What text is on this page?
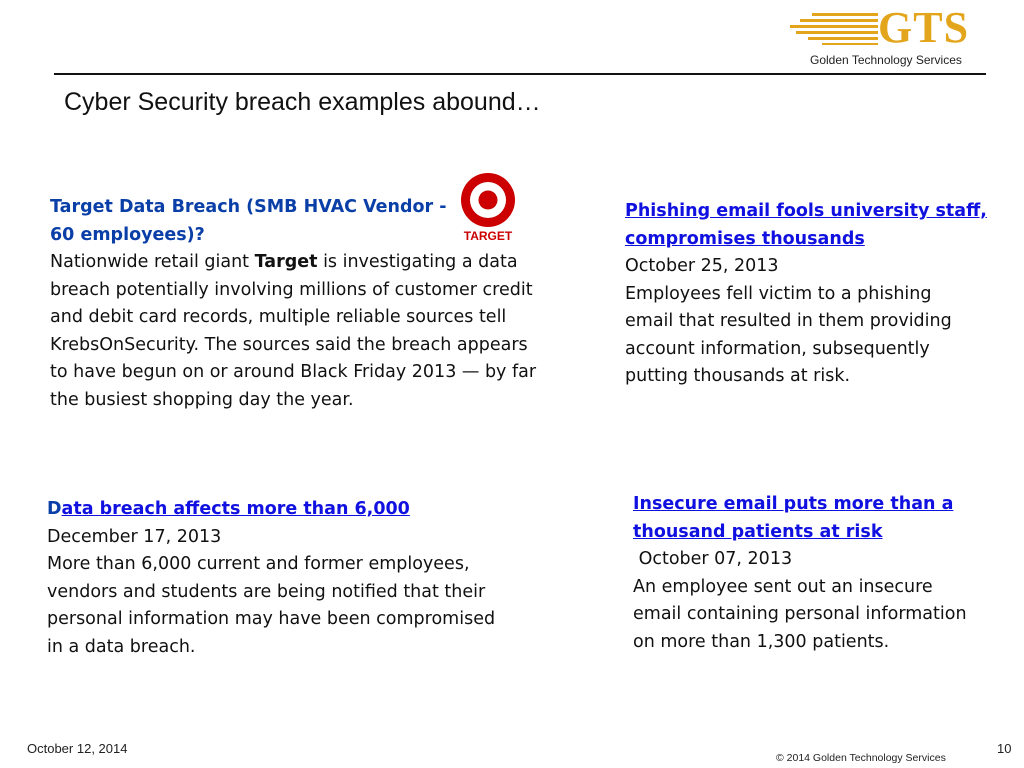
GTS
Golden Technology Services
Cyber Security breach examples abound…
Target Data Breach (SMB HVAC Vendor -
60 employees)?
Nationwide retail giant Target is investigating a data
breach potentially involving millions of customer credit
and debit card records, multiple reliable sources tell
KrebsOnSecurity. The sources said the breach appears
to have begun on or around Black Friday 2013 — by far
the busiest shopping day the year.
TARGET
Phishing email fools university staff,
compromises thousands
October 25, 2013
Employees fell victim to a phishing
email that resulted in them providing
account information, subsequently
putting thousands at risk.
Data breach affects more than 6,000
December 17, 2013
More than 6,000 current and former employees,
vendors and students are being notified that their
personal information may have been compromised
in a data breach.
Insecure email puts more than a
thousand patients at risk
October 07, 2013
An employee sent out an insecure
email containing personal information
on more than 1,300 patients.
October 12, 2014
© 2014 Golden Technology Services
10
